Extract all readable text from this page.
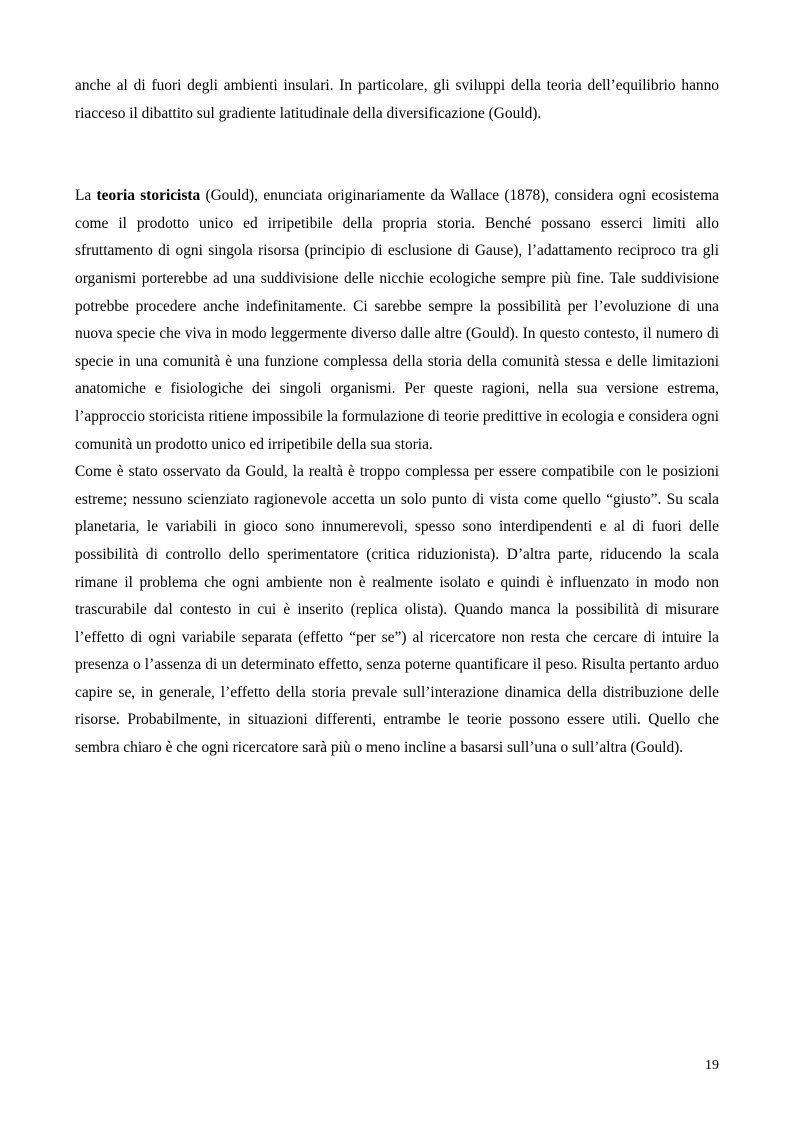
anche al di fuori degli ambienti insulari. In particolare, gli sviluppi della teoria dell’equilibrio hanno riacceso il dibattito sul gradiente latitudinale della diversificazione (Gould).

La teoria storicista (Gould), enunciata originariamente da Wallace (1878), considera ogni ecosistema come il prodotto unico ed irripetibile della propria storia. Benché possano esserci limiti allo sfruttamento di ogni singola risorsa (principio di esclusione di Gause), l’adattamento reciproco tra gli organismi porterebbe ad una suddivisione delle nicchie ecologiche sempre più fine. Tale suddivisione potrebbe procedere anche indefinitamente. Ci sarebbe sempre la possibilità per l’evoluzione di una nuova specie che viva in modo leggermente diverso dalle altre (Gould). In questo contesto, il numero di specie in una comunità è una funzione complessa della storia della comunità stessa e delle limitazioni anatomiche e fisiologiche dei singoli organismi. Per queste ragioni, nella sua versione estrema, l’approccio storicista ritiene impossibile la formulazione di teorie predittive in ecologia e considera ogni comunità un prodotto unico ed irripetibile della sua storia.

Come è stato osservato da Gould, la realtà è troppo complessa per essere compatibile con le posizioni estreme; nessuno scienziato ragionevole accetta un solo punto di vista come quello “giusto”. Su scala planetaria, le variabili in gioco sono innumerevoli, spesso sono interdipendenti e al di fuori delle possibilità di controllo dello sperimentatore (critica riduzionista). D’altra parte, riducendo la scala rimane il problema che ogni ambiente non è realmente isolato e quindi è influenzato in modo non trascurabile dal contesto in cui è inserito (replica olista). Quando manca la possibilità di misurare l’effetto di ogni variabile separata (effetto “per se”) al ricercatore non resta che cercare di intuire la presenza o l’assenza di un determinato effetto, senza poterne quantificare il peso. Risulta pertanto arduo capire se, in generale, l’effetto della storia prevale sull’interazione dinamica della distribuzione delle risorse. Probabilmente, in situazioni differenti, entrambe le teorie possono essere utili. Quello che sembra chiaro è che ogni ricercatore sarà più o meno incline a basarsi sull’una o sull’altra (Gould).

19
